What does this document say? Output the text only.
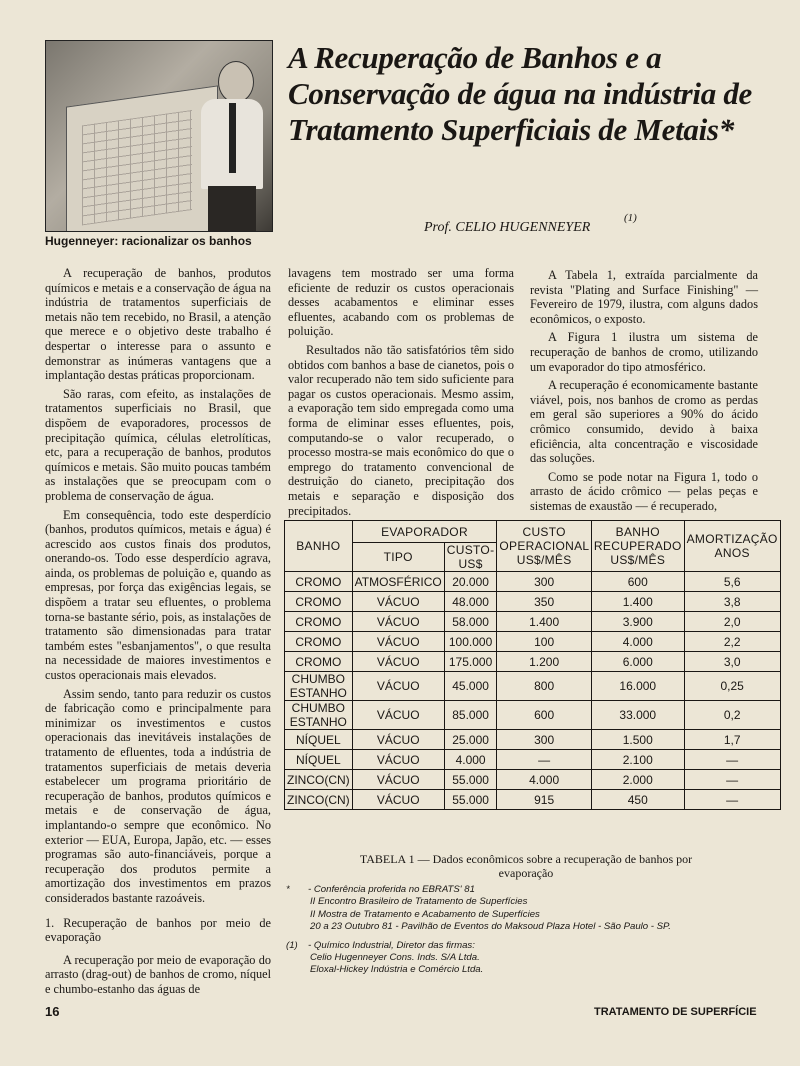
Hugenneyer: racionalizar os banhos
A Recuperação de Banhos e a Conservação de água na indústria de Tratamento Superficiais de Metais*
Prof. CELIO HUGENNEYER
(1)

A recuperação de banhos, produtos químicos e metais e a conservação de água na indústria de tratamentos superficiais de metais não tem recebido, no Brasil, a atenção que merece e o objetivo deste trabalho é despertar o interesse para o assunto e demonstrar as inúmeras vantagens que a implantação destas práticas proporcionam.

São raras, com efeito, as instalações de tratamentos superficiais no Brasil, que dispõem de evaporadores, processos de precipitação química, células eletrolíticas, etc, para a recuperação de banhos, produtos químicos e metais. São muito poucas também as instalações que se preocupam com o problema de conservação de água.

Em consequência, todo este desperdício (banhos, produtos químicos, metais e água) é acrescido aos custos finais dos produtos, onerando-os. Todo esse desperdício agrava, ainda, os problemas de poluição e, quando as empresas, por força das exigências legais, se dispõem a tratar seu efluentes, o problema torna-se bastante sério, pois, as instalações de tratamento são dimensionadas para tratar também estes "esbanjamentos", o que resulta na necessidade de maiores investimentos e custos operacionais mais elevados.

Assim sendo, tanto para reduzir os custos de fabricação como e principalmente para minimizar os investimentos e custos operacionais das inevitáveis instalações de tratamento de efluentes, toda a indústria de tratamentos superficiais de metais deveria estabelecer um programa prioritário de recuperação de banhos, produtos químicos e metais e de conservação de água, implantando-o sempre que econômico. No exterior — EUA, Europa, Japão, etc. — esses programas são auto-financiáveis, porque a recuperação dos produtos permite a amortização dos investimentos em prazos considerados bastante razoáveis.

1. Recuperação de banhos por meio de evaporação

A recuperação por meio de evaporação do arrasto (drag-out) de banhos de cromo, níquel e chumbo-estanho das águas de

lavagens tem mostrado ser uma forma eficiente de reduzir os custos operacionais desses acabamentos e eliminar esses efluentes, acabando com os problemas de poluição.

Resultados não tão satisfatórios têm sido obtidos com banhos a base de cianetos, pois o valor recuperado não tem sido suficiente para pagar os custos operacionais. Mesmo assim, a evaporação tem sido empregada como uma forma de eliminar esses efluentes, pois, computando-se o valor recuperado, o processo mostra-se mais econômico do que o emprego do tratamento convencional de destruição do cianeto, precipitação dos metais e separação e disposição dos precipitados.

A Tabela 1, extraída parcialmente da revista "Plating and Surface Finishing" — Fevereiro de 1979, ilustra, com alguns dados econômicos, o exposto.

A Figura 1 ilustra um sistema de recuperação de banhos de cromo, utilizando um evaporador do tipo atmosférico.

A recuperação é economicamente bastante viável, pois, nos banhos de cromo as perdas em geral são superiores a 90% do ácido crômico consumido, devido à baixa eficiência, alta concentração e viscosidade das soluções.

Como se pode notar na Figura 1, todo o arrasto de ácido crômico — pelas peças e sistemas de exaustão — é recuperado,

BANHO	EVAPORADOR		CUSTO OPERACIONAL US$/MÊS	BANHO RECUPERADO US$/MÊS	AMORTIZAÇÃO ANOS
	TIPO	CUSTO-US$			
CROMO	ATMOSFÉRICO	20.000	300	600	5,6
CROMO	VÁCUO	48.000	350	1.400	3,8
CROMO	VÁCUO	58.000	1.400	3.900	2,0
CROMO	VÁCUO	100.000	100	4.000	2,2
CROMO	VÁCUO	175.000	1.200	6.000	3,0
CHUMBO ESTANHO	VÁCUO	45.000	800	16.000	0,25
CHUMBO ESTANHO	VÁCUO	85.000	600	33.000	0,2
NÍQUEL	VÁCUO	25.000	300	1.500	1,7
NÍQUEL	VÁCUO	4.000	—	2.100	—
ZINCO(CN)	VÁCUO	55.000	4.000	2.000	—
ZINCO(CN)	VÁCUO	55.000	915	450	—
TABELA 1 — Dados econômicos sobre a recuperação de banhos por evaporação
* - Conferência proferida no EBRATS' 81
II Encontro Brasileiro de Tratamento de Superfícies
II Mostra de Tratamento e Acabamento de Superfícies
20 a 23 Outubro 81 - Pavilhão de Eventos do Maksoud Plaza Hotel - São Paulo - SP.
(1) - Químico Industrial, Diretor das firmas:
Celio Hugenneyer Cons. Inds. S/A Ltda.
Eloxal-Hickey Indústria e Comércio Ltda.
16	TRATAMENTO DE SUPERFÍCIE
